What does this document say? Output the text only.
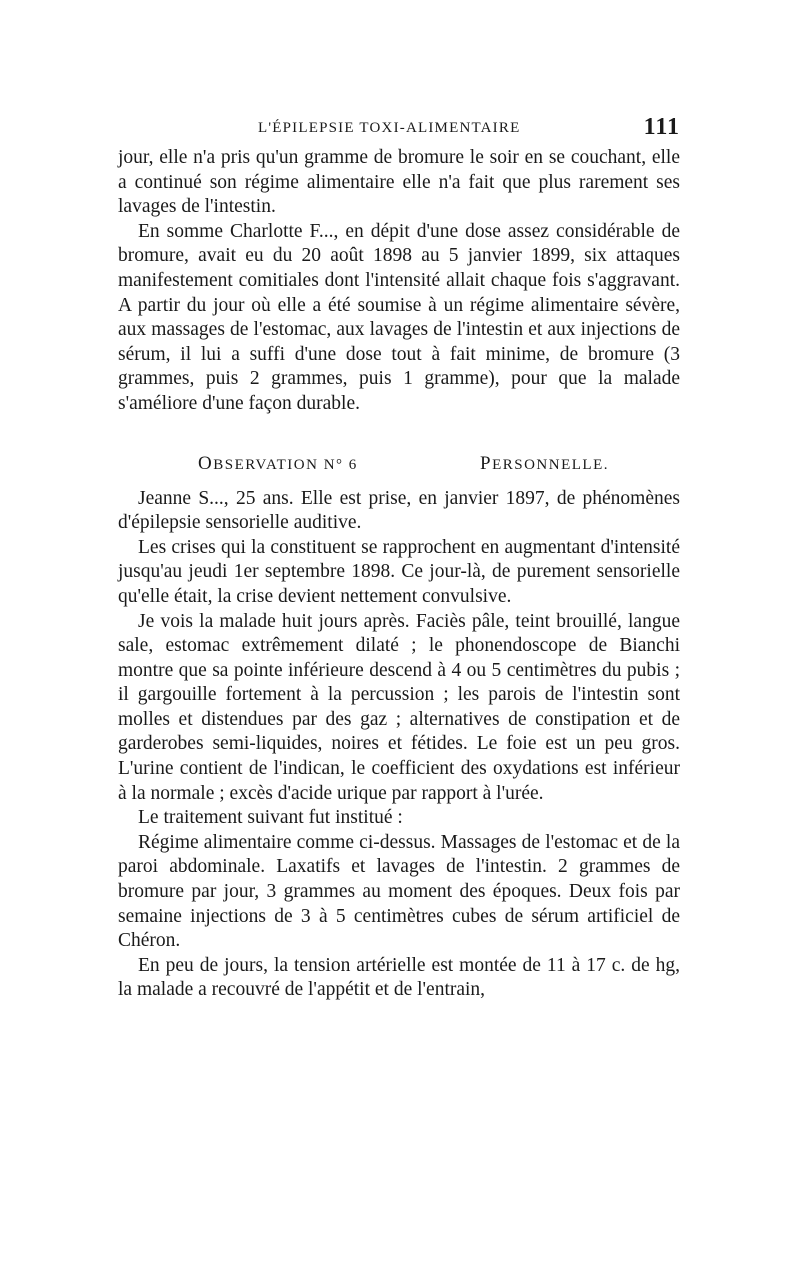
L'ÉPILEPSIE TOXI-ALIMENTAIRE	111

jour, elle n'a pris qu'un gramme de bromure le soir en se couchant, elle a continué son régime alimentaire elle n'a fait que plus rarement ses lavages de l'intestin.

En somme Charlotte F..., en dépit d'une dose assez considérable de bromure, avait eu du 20 août 1898 au 5 janvier 1899, six attaques manifestement comitiales dont l'intensité allait chaque fois s'aggravant. A partir du jour où elle a été soumise à un régime alimentaire sévère, aux massages de l'estomac, aux lavages de l'intestin et aux injections de sérum, il lui a suffi d'une dose tout à fait minime, de bromure (3 grammes, puis 2 grammes, puis 1 gramme), pour que la malade s'améliore d'une façon durable.

OBSERVATION N° 6	PERSONNELLE.

Jeanne S..., 25 ans. Elle est prise, en janvier 1897, de phénomènes d'épilepsie sensorielle auditive.

Les crises qui la constituent se rapprochent en augmentant d'intensité jusqu'au jeudi 1er septembre 1898. Ce jour-là, de purement sensorielle qu'elle était, la crise devient nettement convulsive.

Je vois la malade huit jours après. Faciès pâle, teint brouillé, langue sale, estomac extrêmement dilaté ; le phonendoscope de Bianchi montre que sa pointe inférieure descend à 4 ou 5 centimètres du pubis ; il gargouille fortement à la percussion ; les parois de l'intestin sont molles et distendues par des gaz ; alternatives de constipation et de garderobes semi-liquides, noires et fétides. Le foie est un peu gros. L'urine contient de l'indican, le coefficient des oxydations est inférieur à la normale ; excès d'acide urique par rapport à l'urée.

Le traitement suivant fut institué :

Régime alimentaire comme ci-dessus. Massages de l'estomac et de la paroi abdominale. Laxatifs et lavages de l'intestin. 2 grammes de bromure par jour, 3 grammes au moment des époques. Deux fois par semaine injections de 3 à 5 centimètres cubes de sérum artificiel de Chéron.

En peu de jours, la tension artérielle est montée de 11 à 17 c. de hg, la malade a recouvré de l'appétit et de l'entrain,
